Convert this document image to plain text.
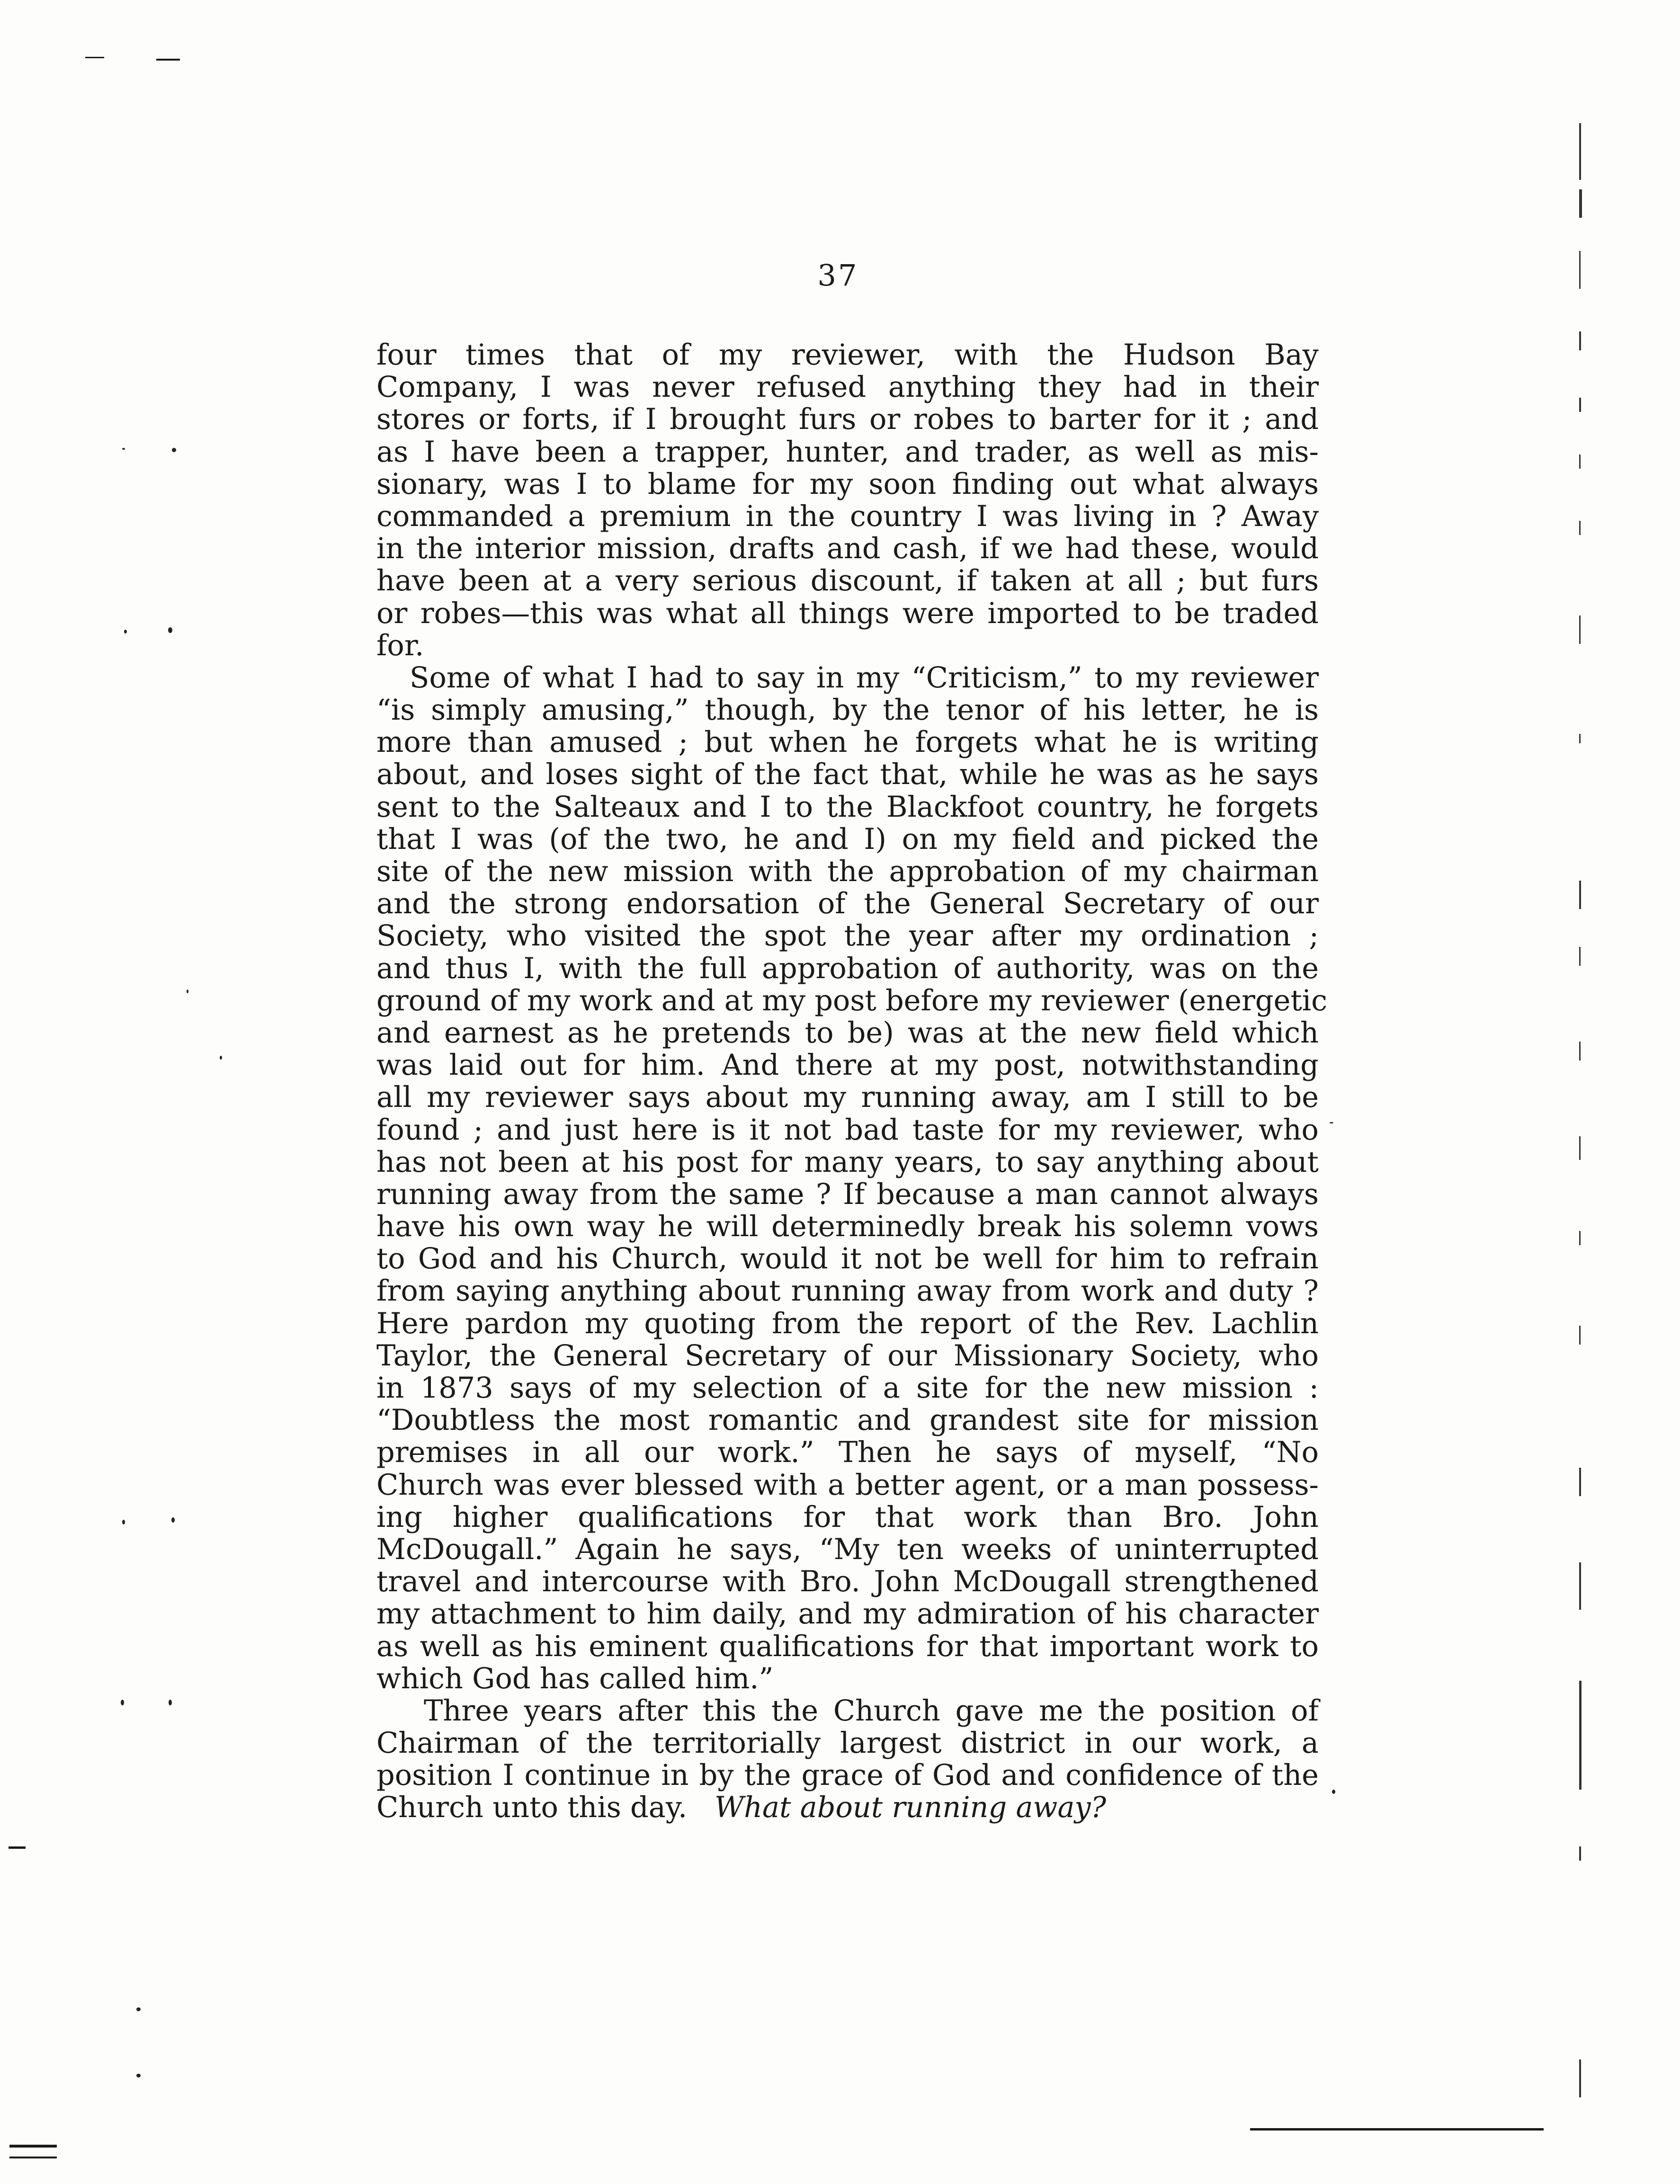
37
four times that of my reviewer, with the Hudson Bay
Company, I was never refused anything they had in their
stores or forts, if I brought furs or robes to barter for it ; and
as I have been a trapper, hunter, and trader, as well as mis-
sionary, was I to blame for my soon finding out what always
commanded a premium in the country I was living in ? Away
in the interior mission, drafts and cash, if we had these, would
have been at a very serious discount, if taken at all ; but furs
or robes—this was what all things were imported to be traded
for.
Some of what I had to say in my “Criticism,” to my reviewer
“is simply amusing,” though, by the tenor of his letter, he is
more than amused ; but when he forgets what he is writing
about, and loses sight of the fact that, while he was as he says
sent to the Salteaux and I to the Blackfoot country, he forgets
that I was (of the two, he and I) on my field and picked the
site of the new mission with the approbation of my chairman
and the strong endorsation of the General Secretary of our
Society, who visited the spot the year after my ordination ;
and thus I, with the full approbation of authority, was on the
ground of my work and at my post before my reviewer (energetic
and earnest as he pretends to be) was at the new field which
was laid out for him. And there at my post, notwithstanding
all my reviewer says about my running away, am I still to be
found ; and just here is it not bad taste for my reviewer, who
has not been at his post for many years, to say anything about
running away from the same ? If because a man cannot always
have his own way he will determinedly break his solemn vows
to God and his Church, would it not be well for him to refrain
from saying anything about running away from work and duty ?
Here pardon my quoting from the report of the Rev. Lachlin
Taylor, the General Secretary of our Missionary Society, who
in 1873 says of my selection of a site for the new mission :
“Doubtless the most romantic and grandest site for mission
premises in all our work.” Then he says of myself, “No
Church was ever blessed with a better agent, or a man possess-
ing higher qualifications for that work than Bro. John
McDougall.” Again he says, “My ten weeks of uninterrupted
travel and intercourse with Bro. John McDougall strengthened
my attachment to him daily, and my admiration of his character
as well as his eminent qualifications for that important work to
which God has called him.”
Three years after this the Church gave me the position of
Chairman of the territorially largest district in our work, a
position I continue in by the grace of God and confidence of the
Church unto this day. What about running away?
